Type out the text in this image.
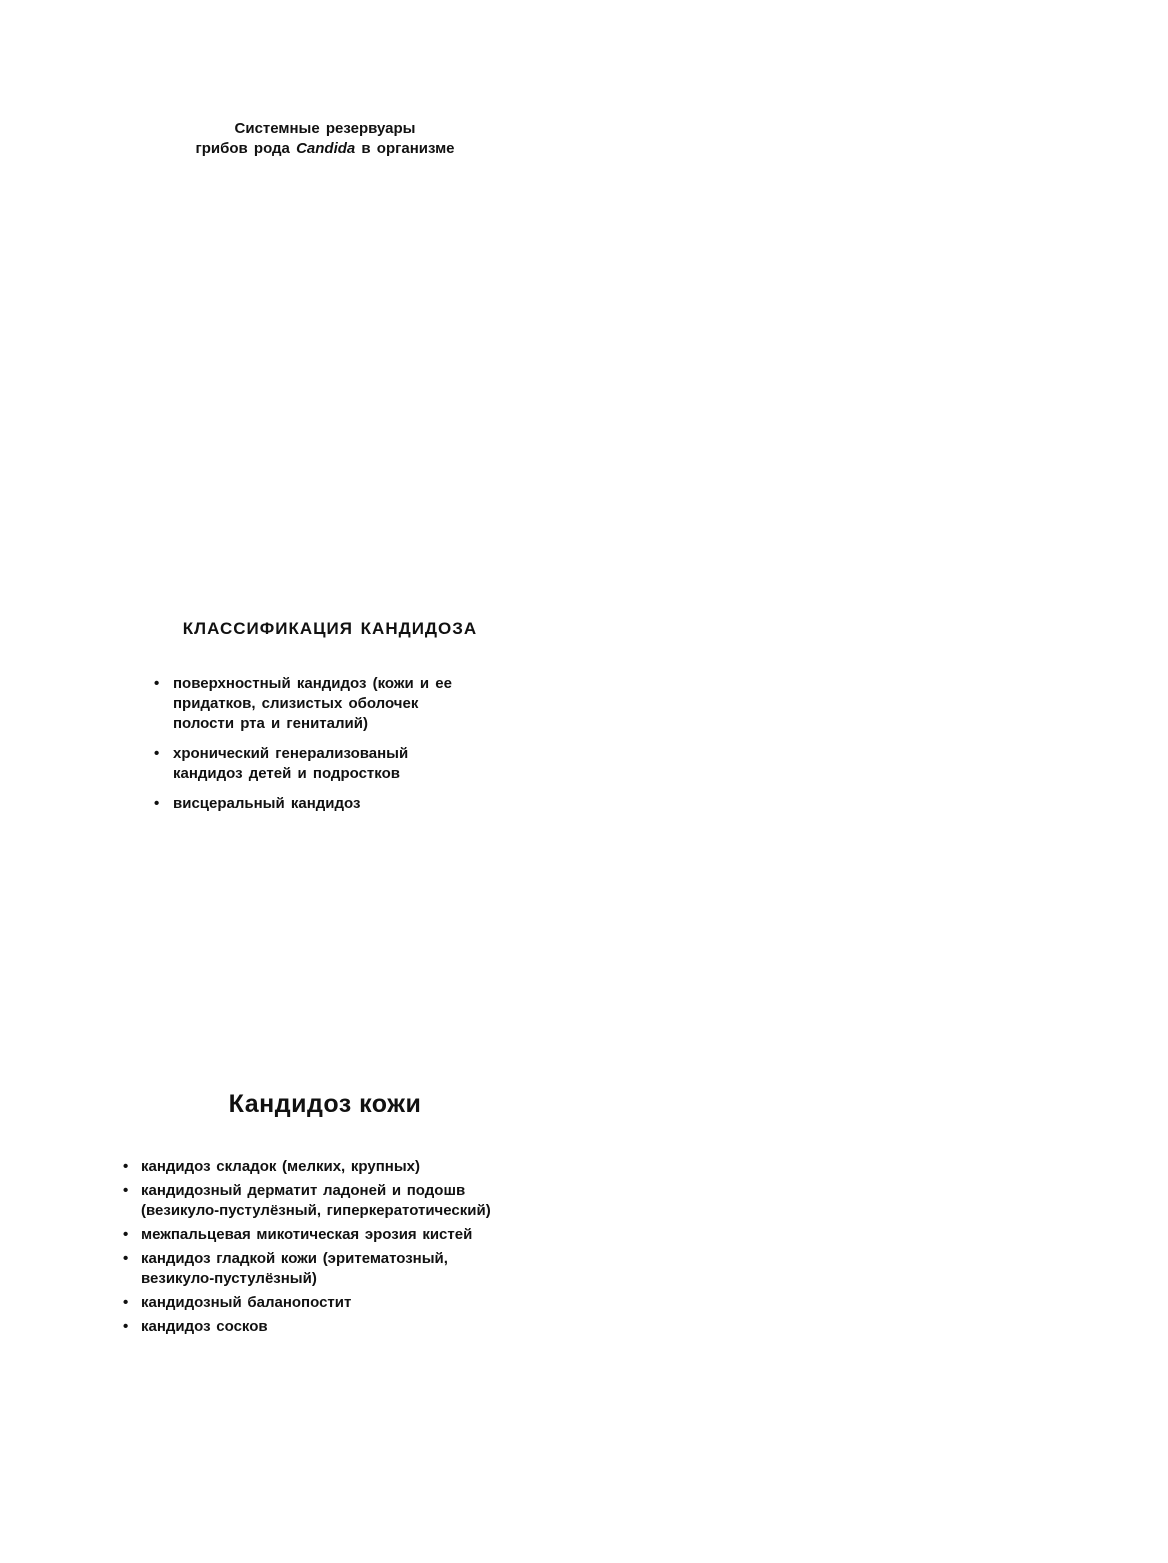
Системные резервуары
грибов рода Candida в организме
КЛАССИФИКАЦИЯ КАНДИДОЗА
• поверхностный кандидоз (кожи и ее
придатков, слизистых оболочек
полости рта и гениталий)
• хронический генерализованый
кандидоз детей и подростков
• висцеральный кандидоз
Кандидоз кожи
• кандидоз складок (мелких, крупных)
• кандидозный дерматит ладоней и подошв
(везикуло-пустулёзный, гиперкератотический)
• межпальцевая микотическая эрозия кистей
• кандидоз гладкой кожи (эритематозный,
везикуло-пустулёзный)
• кандидозный баланопостит
• кандидоз сосков
